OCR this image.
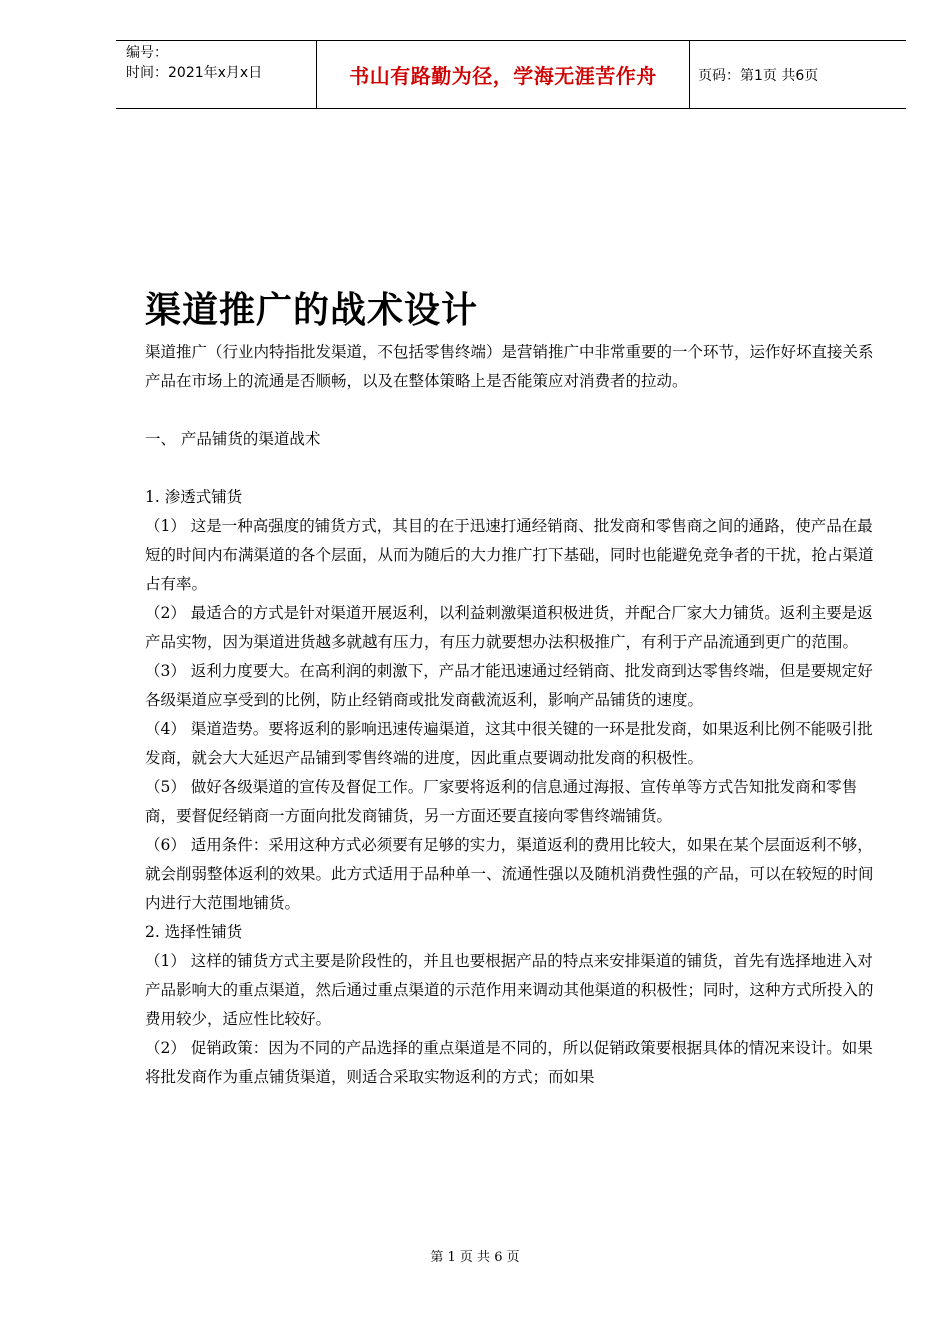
编号：
时间：2021年x月x日	书山有路勤为径，学海无涯苦作舟	页码：第1页 共6页
渠道推广的战术设计

渠道推广（行业内特指批发渠道，不包括零售终端）是营销推广中非常重要的一个环节，运作好坏直接关系产品在市场上的流通是否顺畅，以及在整体策略上是否能策应对消费者的拉动。

一、 产品铺货的渠道战术

1. 渗透式铺货

（1） 这是一种高强度的铺货方式，其目的在于迅速打通经销商、批发商和零售商之间的通路，使产品在最短的时间内布满渠道的各个层面，从而为随后的大力推广打下基础，同时也能避免竞争者的干扰，抢占渠道占有率。

（2） 最适合的方式是针对渠道开展返利，以利益刺激渠道积极进货，并配合厂家大力铺货。返利主要是返产品实物，因为渠道进货越多就越有压力，有压力就要想办法积极推广，有利于产品流通到更广的范围。

（3） 返利力度要大。在高利润的刺激下，产品才能迅速通过经销商、批发商到达零售终端，但是要规定好各级渠道应享受到的比例，防止经销商或批发商截流返利，影响产品铺货的速度。

（4） 渠道造势。要将返利的影响迅速传遍渠道，这其中很关键的一环是批发商，如果返利比例不能吸引批发商，就会大大延迟产品铺到零售终端的进度，因此重点要调动批发商的积极性。

（5） 做好各级渠道的宣传及督促工作。厂家要将返利的信息通过海报、宣传单等方式告知批发商和零售商，要督促经销商一方面向批发商铺货，另一方面还要直接向零售终端铺货。

（6） 适用条件：采用这种方式必须要有足够的实力，渠道返利的费用比较大，如果在某个层面返利不够，就会削弱整体返利的效果。此方式适用于品种单一、流通性强以及随机消费性强的产品，可以在较短的时间内进行大范围地铺货。

2. 选择性铺货

（1） 这样的铺货方式主要是阶段性的，并且也要根据产品的特点来安排渠道的铺货，首先有选择地进入对产品影响大的重点渠道，然后通过重点渠道的示范作用来调动其他渠道的积极性；同时，这种方式所投入的费用较少，适应性比较好。

（2） 促销政策：因为不同的产品选择的重点渠道是不同的，所以促销政策要根据具体的情况来设计。如果将批发商作为重点铺货渠道，则适合采取实物返利的方式；而如果

第 1 页 共 6 页
